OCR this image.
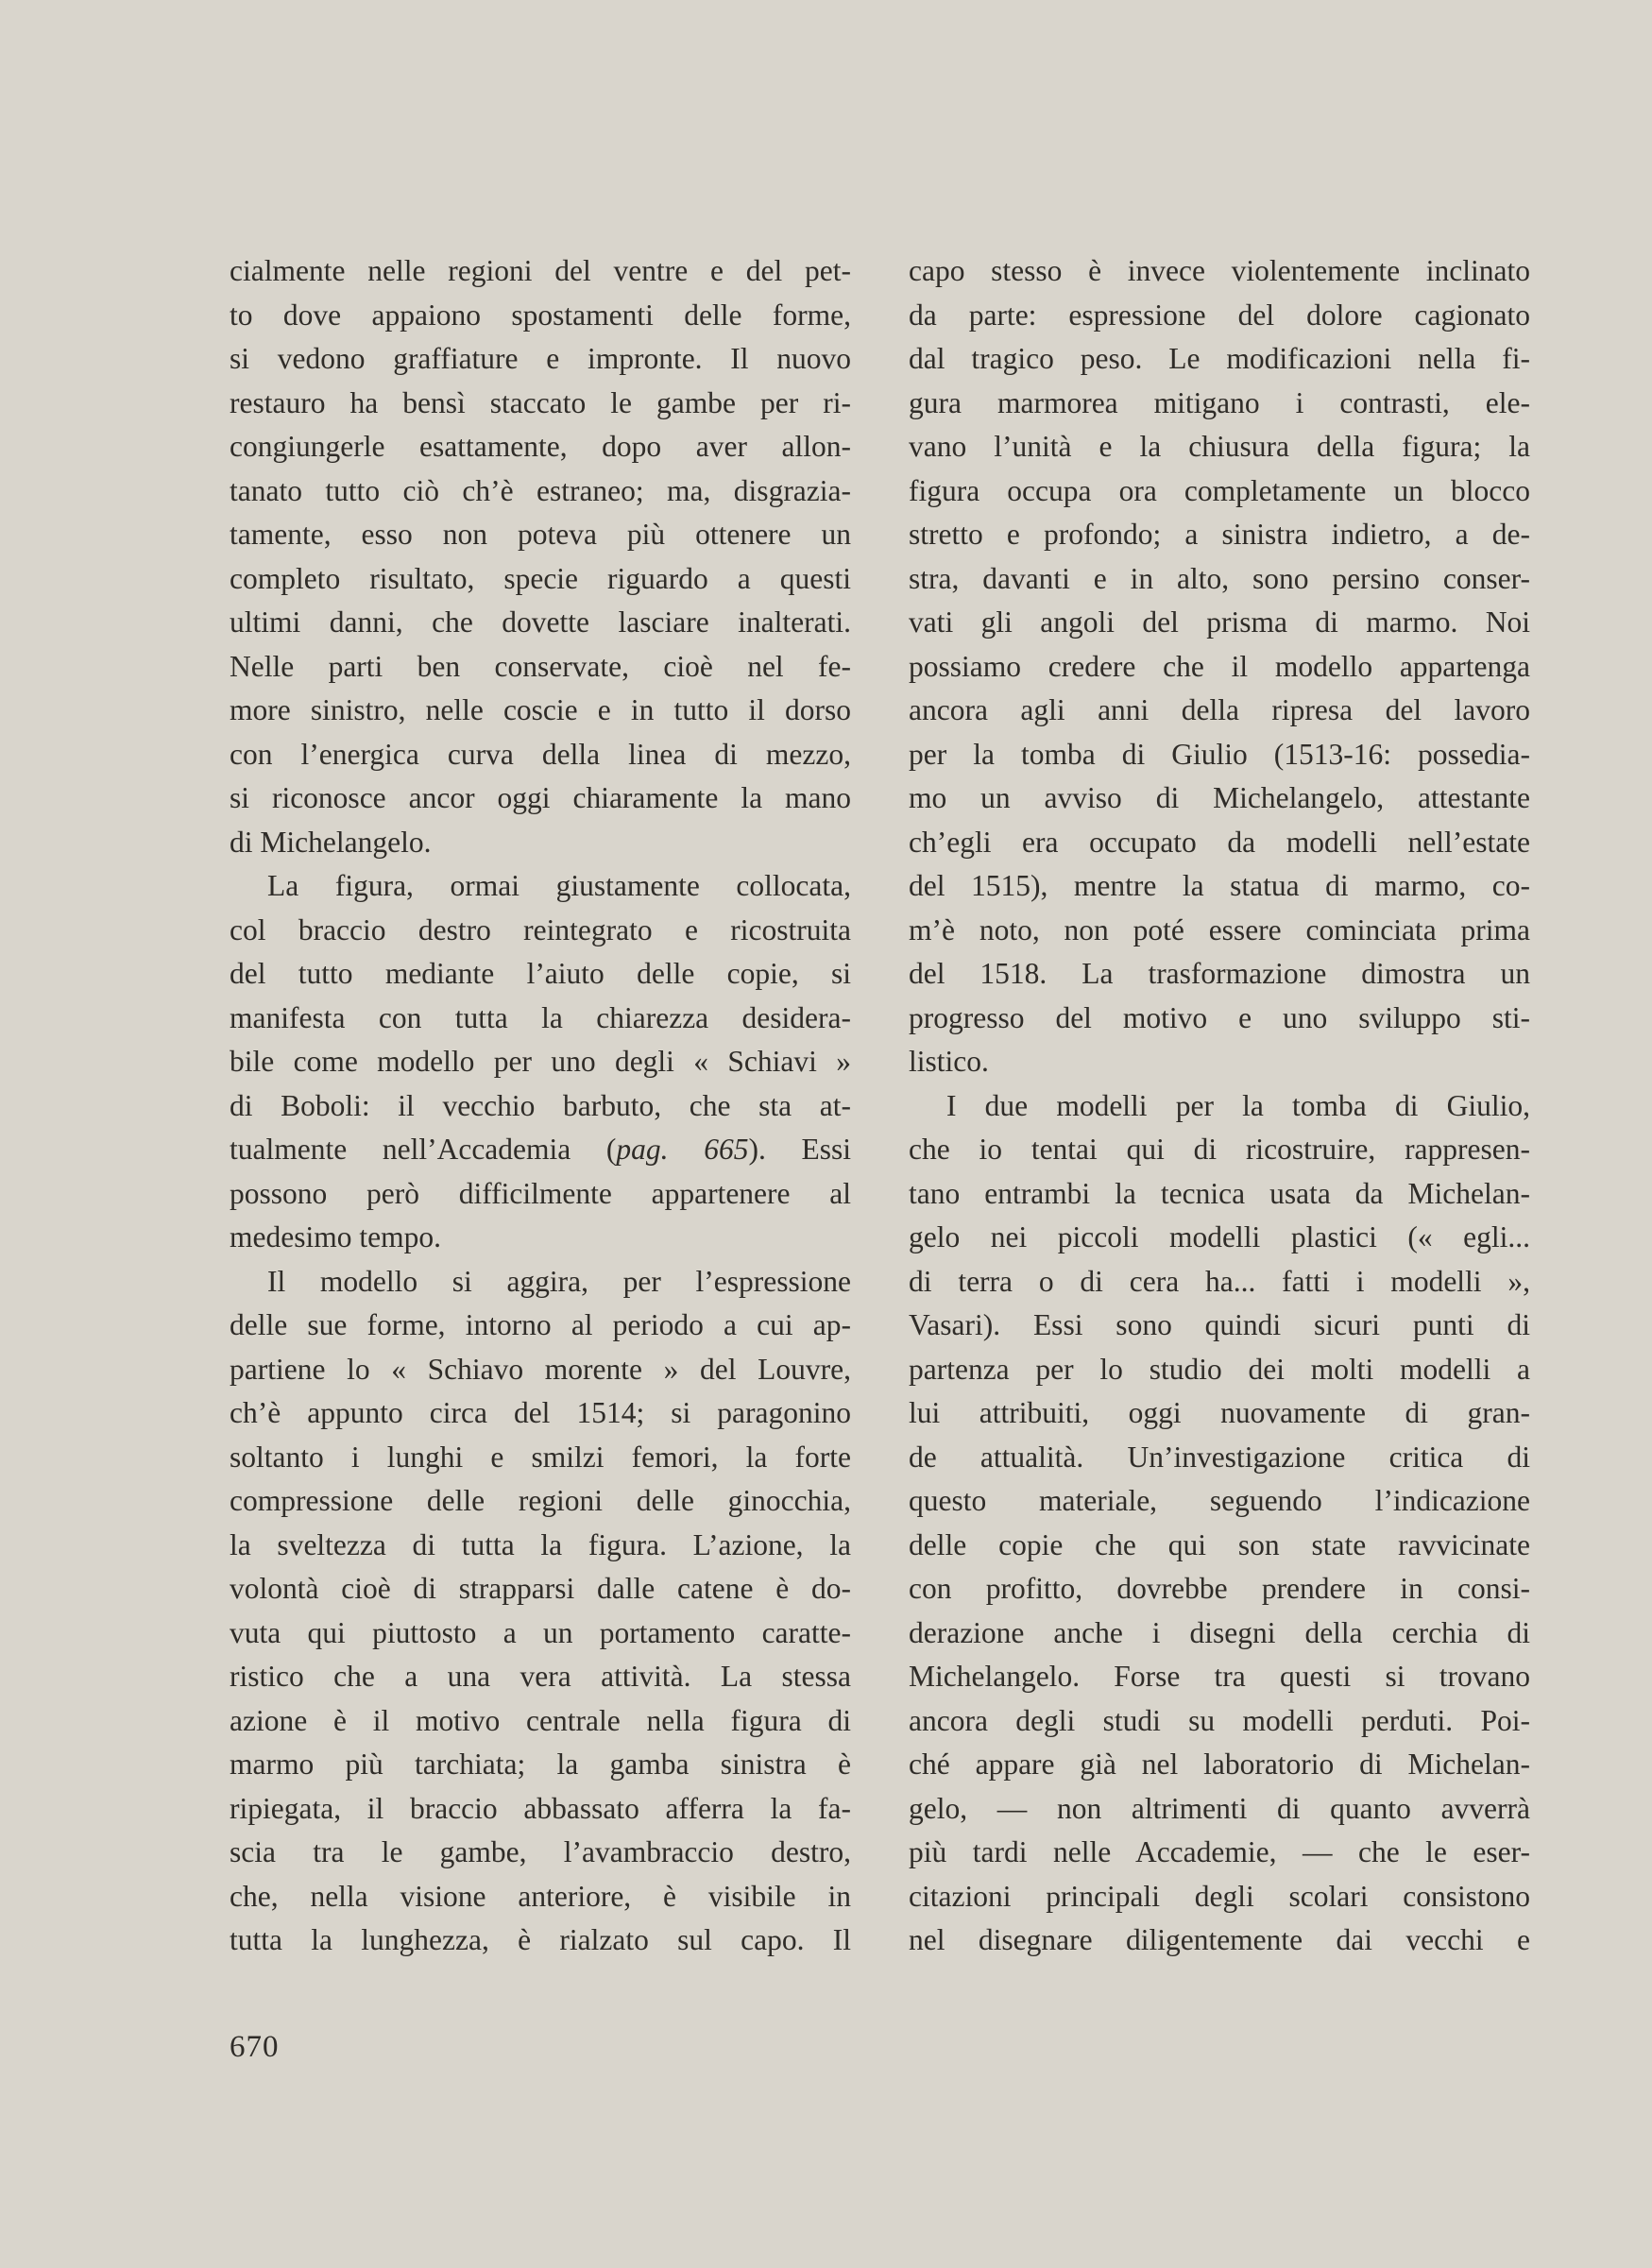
cialmente nelle regioni del ventre e del pet-
to dove appaiono spostamenti delle forme,
si vedono graffiature e impronte. Il nuovo
restauro ha bensì staccato le gambe per ri-
congiungerle esattamente, dopo aver allon-
tanato tutto ciò ch’è estraneo; ma, disgrazia-
tamente, esso non poteva più ottenere un
completo risultato, specie riguardo a questi
ultimi danni, che dovette lasciare inalterati.
Nelle parti ben conservate, cioè nel fe-
more sinistro, nelle coscie e in tutto il dorso
con l’energica curva della linea di mezzo,
si riconosce ancor oggi chiaramente la mano
di Michelangelo.
La figura, ormai giustamente collocata,
col braccio destro reintegrato e ricostruita
del tutto mediante l’aiuto delle copie, si
manifesta con tutta la chiarezza desidera-
bile come modello per uno degli « Schiavi »
di Boboli: il vecchio barbuto, che sta at-
tualmente nell’Accademia (pag. 665). Essi
possono però difficilmente appartenere al
medesimo tempo.
Il modello si aggira, per l’espressione
delle sue forme, intorno al periodo a cui ap-
partiene lo « Schiavo morente » del Louvre,
ch’è appunto circa del 1514; si paragonino
soltanto i lunghi e smilzi femori, la forte
compressione delle regioni delle ginocchia,
la sveltezza di tutta la figura. L’azione, la
volontà cioè di strapparsi dalle catene è do-
vuta qui piuttosto a un portamento caratte-
ristico che a una vera attività. La stessa
azione è il motivo centrale nella figura di
marmo più tarchiata; la gamba sinistra è
ripiegata, il braccio abbassato afferra la fa-
scia tra le gambe, l’avambraccio destro,
che, nella visione anteriore, è visibile in
tutta la lunghezza, è rialzato sul capo. Il
capo stesso è invece violentemente inclinato
da parte: espressione del dolore cagionato
dal tragico peso. Le modificazioni nella fi-
gura marmorea mitigano i contrasti, ele-
vano l’unità e la chiusura della figura; la
figura occupa ora completamente un blocco
stretto e profondo; a sinistra indietro, a de-
stra, davanti e in alto, sono persino conser-
vati gli angoli del prisma di marmo. Noi
possiamo credere che il modello appartenga
ancora agli anni della ripresa del lavoro
per la tomba di Giulio (1513-16: possedia-
mo un avviso di Michelangelo, attestante
ch’egli era occupato da modelli nell’estate
del 1515), mentre la statua di marmo, co-
m’è noto, non poté essere cominciata prima
del 1518. La trasformazione dimostra un
progresso del motivo e uno sviluppo sti-
listico.
I due modelli per la tomba di Giulio,
che io tentai qui di ricostruire, rappresen-
tano entrambi la tecnica usata da Michelan-
gelo nei piccoli modelli plastici (« egli...
di terra o di cera ha... fatti i modelli »,
Vasari). Essi sono quindi sicuri punti di
partenza per lo studio dei molti modelli a
lui attribuiti, oggi nuovamente di gran-
de attualità. Un’investigazione critica di
questo materiale, seguendo l’indicazione
delle copie che qui son state ravvicinate
con profitto, dovrebbe prendere in consi-
derazione anche i disegni della cerchia di
Michelangelo. Forse tra questi si trovano
ancora degli studi su modelli perduti. Poi-
ché appare già nel laboratorio di Michelan-
gelo, — non altrimenti di quanto avverrà
più tardi nelle Accademie, — che le eser-
citazioni principali degli scolari consistono
nel disegnare diligentemente dai vecchi e
670
